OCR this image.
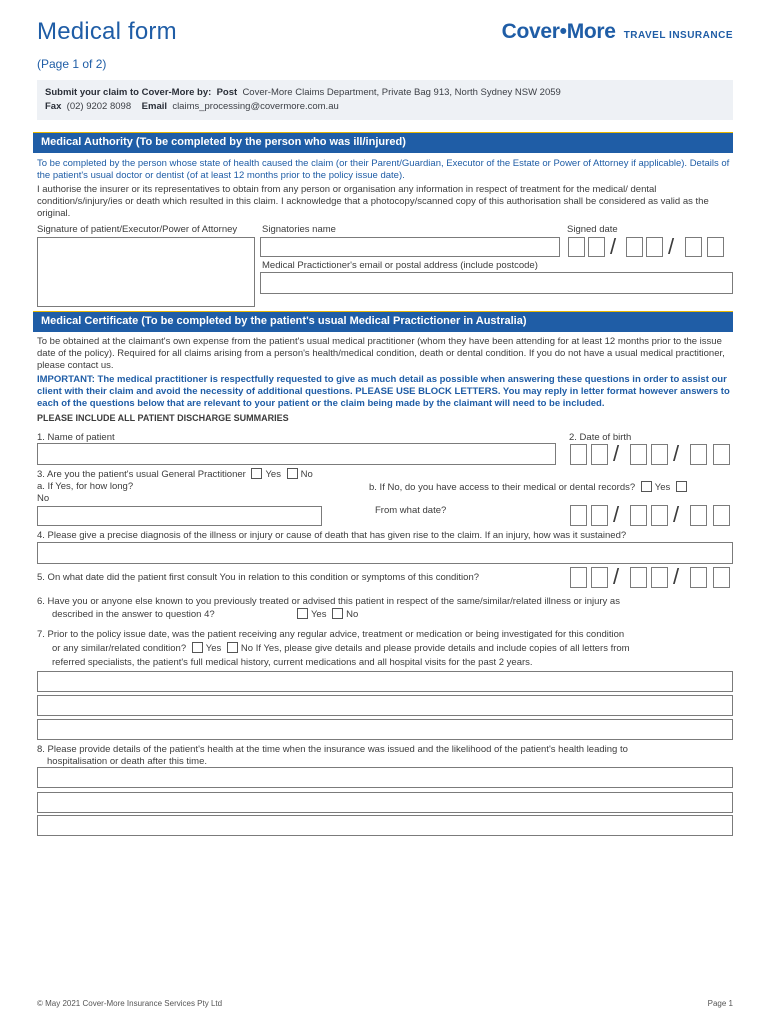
Medical form
(Page 1 of 2)
Cover•More TRAVEL INSURANCE
Submit your claim to Cover-More by: Post Cover-More Claims Department, Private Bag 913, North Sydney NSW 2059
Fax (02) 9202 8098 Email claims_processing@covermore.com.au
Medical Authority (To be completed by the person who was ill/injured)
To be completed by the person whose state of health caused the claim (or their Parent/Guardian, Executor of the Estate or Power of Attorney if applicable). Details of the patient's usual doctor or dentist (of at least 12 months prior to the policy issue date).
I authorise the insurer or its representatives to obtain from any person or organisation any information in respect of treatment for the medical/ dental condition/s/injury/ies or death which resulted in this claim. I acknowledge that a photocopy/scanned copy of this authorisation shall be considered as valid as the original.
Signature of patient/Executor/Power of Attorney	Signatories name	Signed date
/ /
Medical Practictioner's email or postal address (include postcode)
Medical Certificate (To be completed by the patient's usual Medical Practictioner in Australia)
To be obtained at the claimant's own expense from the patient's usual medical practitioner (whom they have been attending for at least 12 months prior to the issue date of the policy). Required for all claims arising from a person's health/medical condition, death or dental condition. If you do not have a usual medical practitioner, please contact us.
IMPORTANT: The medical practitioner is respectfully requested to give as much detail as possible when answering these questions in order to assist our client with their claim and avoid the necessity of additional questions. PLEASE USE BLOCK LETTERS. You may reply in letter format however answers to each of the questions below that are relevant to your patient or the claim being made by the claimant will need to be included.
PLEASE INCLUDE ALL PATIENT DISCHARGE SUMMARIES
1. Name of patient	2. Date of birth
/ /
3. Are you the patient's usual General Practitioner Yes No
a. If Yes, for how long?
No
b. If No, do you have access to their medical or dental records? Yes
From what date?	/ /
4. Please give a precise diagnosis of the illness or injury or cause of death that has given rise to the claim. If an injury, how was it sustained?
5. On what date did the patient first consult You in relation to this condition or symptoms of this condition?	/ /
6. Have you or anyone else known to you previously treated or advised this patient in respect of the same/similar/related illness or injury as
described in the answer to question 4?	Yes No
7. Prior to the policy issue date, was the patient receiving any regular advice, treatment or medication or being investigated for this condition
or any similar/related condition? Yes No If Yes, please give details and please provide details and include copies of all letters from
referred specialists, the patient's full medical history, current medications and all hospital visits for the past 2 years.
8. Please provide details of the patient's health at the time when the insurance was issued and the likelihood of the patient's health leading to
hospitalisation or death after this time.
© May 2021 Cover-More Insurance Services Pty Ltd	Page 1
